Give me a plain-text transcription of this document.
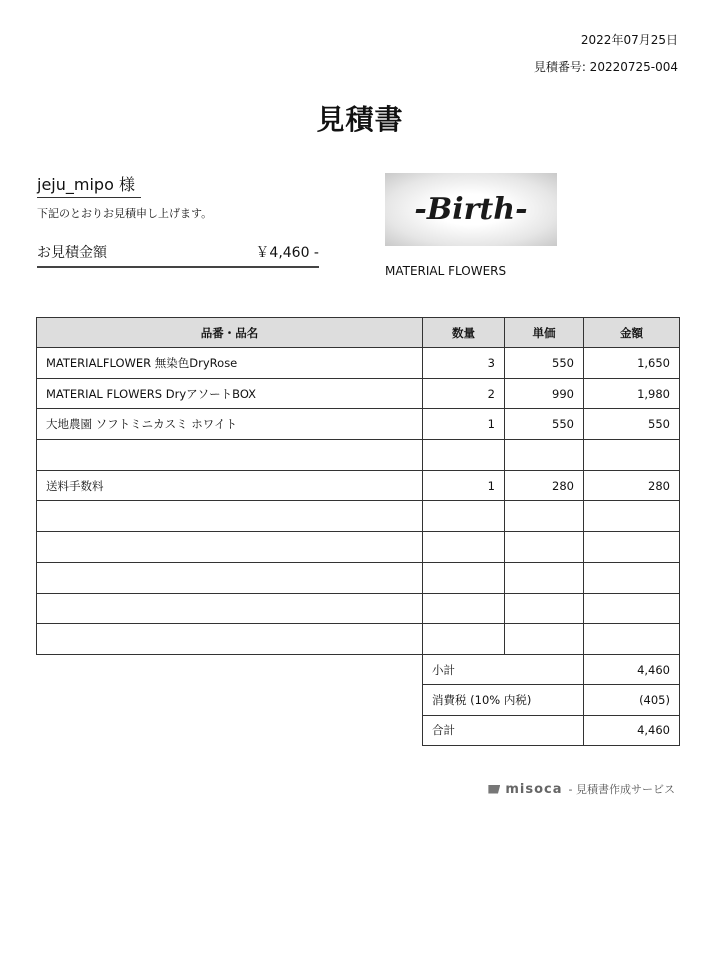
2022年07月25日
見積番号: 20220725-004
見積書
jeju_mipo 様
下記のとおりお見積申し上げます。
お見積金額	￥4,460 -
-Birth-
MATERIAL FLOWERS
品番・品名	数量	単価	金額
MATERIALFLOWER 無染色DryRose	3	550	1,650
MATERIAL FLOWERS DryアソートBOX	2	990	1,980
大地農園 ソフトミニカスミ ホワイト	1	550	550

送料手数料	1	280	280

小計	4,460
消費税 (10% 内税)	(405)
合計	4,460
misoca - 見積書作成サービス
